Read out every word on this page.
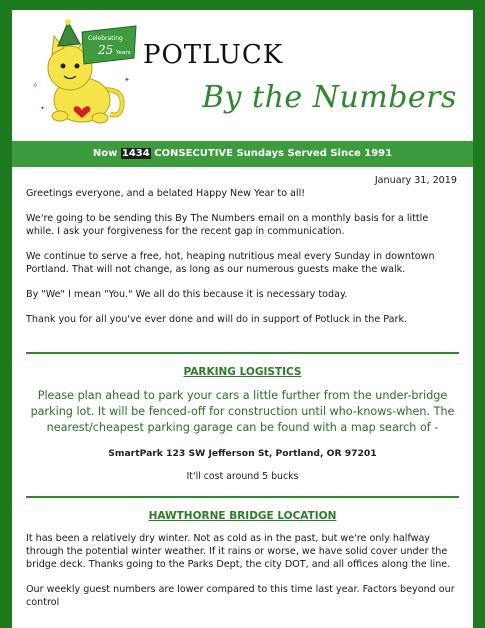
Celebrating
25 Years
✧
✦
✦
POTLUCK
By the Numbers
Now 1434 CONSECUTIVE Sundays Served Since 1991
January 31, 2019

Greetings everyone, and a belated Happy New Year to all!

We're going to be sending this By The Numbers email on a monthly basis for a little while. I ask your forgiveness for the recent gap in communication.

We continue to serve a free, hot, heaping nutritious meal every Sunday in downtown Portland. That will not change, as long as our numerous guests make the walk.

By "We" I mean "You." We all do this because it is necessary today.

Thank you for all you've ever done and will do in support of Potluck in the Park.

PARKING LOGISTICS

Please plan ahead to park your cars a little further from the under-bridge parking lot. It will be fenced-off for construction until who-knows-when. The nearest/cheapest parking garage can be found with a map search of -

SmartPark 123 SW Jefferson St, Portland, OR 97201

It'll cost around 5 bucks

HAWTHORNE BRIDGE LOCATION

It has been a relatively dry winter. Not as cold as in the past, but we're only halfway through the potential winter weather. If it rains or worse, we have solid cover under the bridge deck. Thanks going to the Parks Dept, the city DOT, and all offices along the line.

Our weekly guest numbers are lower compared to this time last year. Factors beyond our control
